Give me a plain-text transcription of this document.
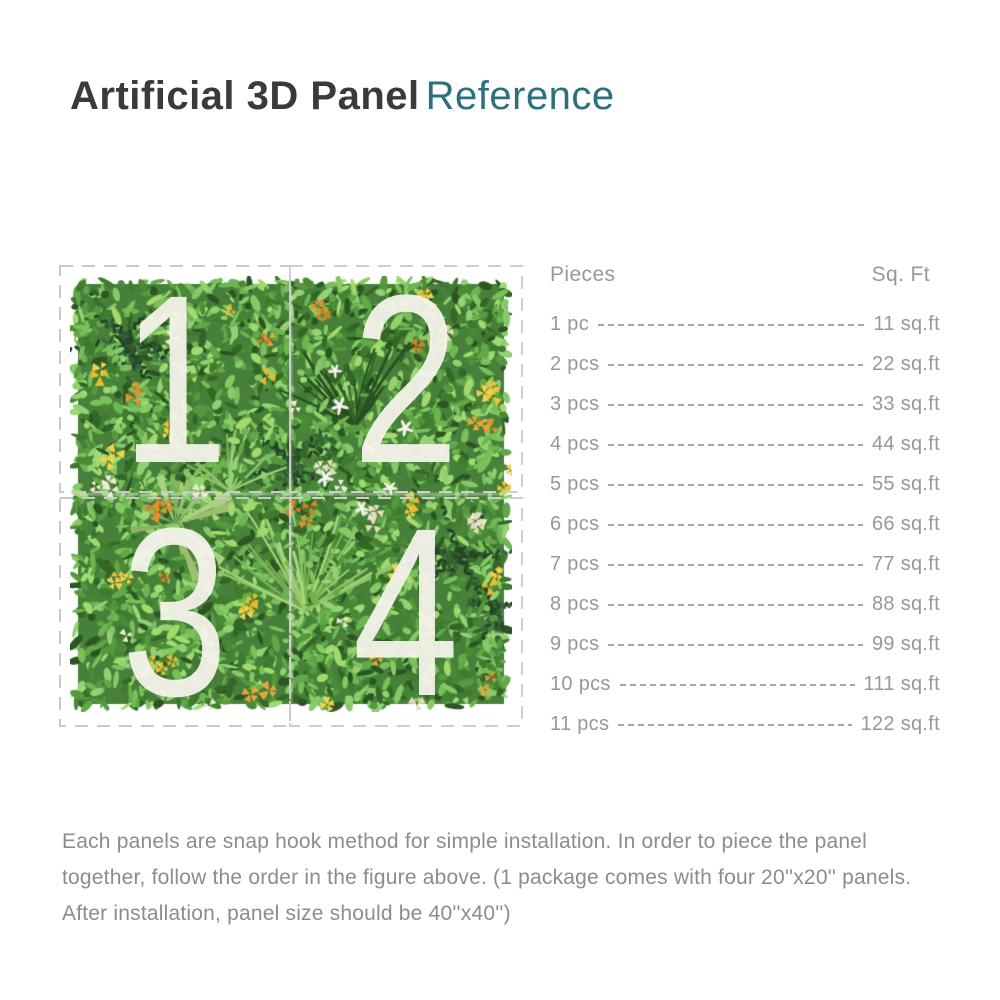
Artificial 3D Panel Reference
1 2
3 4
Pieces	Sq. Ft
1 pc	11 sq.ft
2 pcs	22 sq.ft
3 pcs	33 sq.ft
4 pcs	44 sq.ft
5 pcs	55 sq.ft
6 pcs	66 sq.ft
7 pcs	77 sq.ft
8 pcs	88 sq.ft
9 pcs	99 sq.ft
10 pcs	111 sq.ft
11 pcs	122 sq.ft

Each panels are snap hook method for simple installation. In order to piece the panel together, follow the order in the figure above. (1 package comes with four 20''x20'' panels. After installation, panel size should be 40''x40'')
